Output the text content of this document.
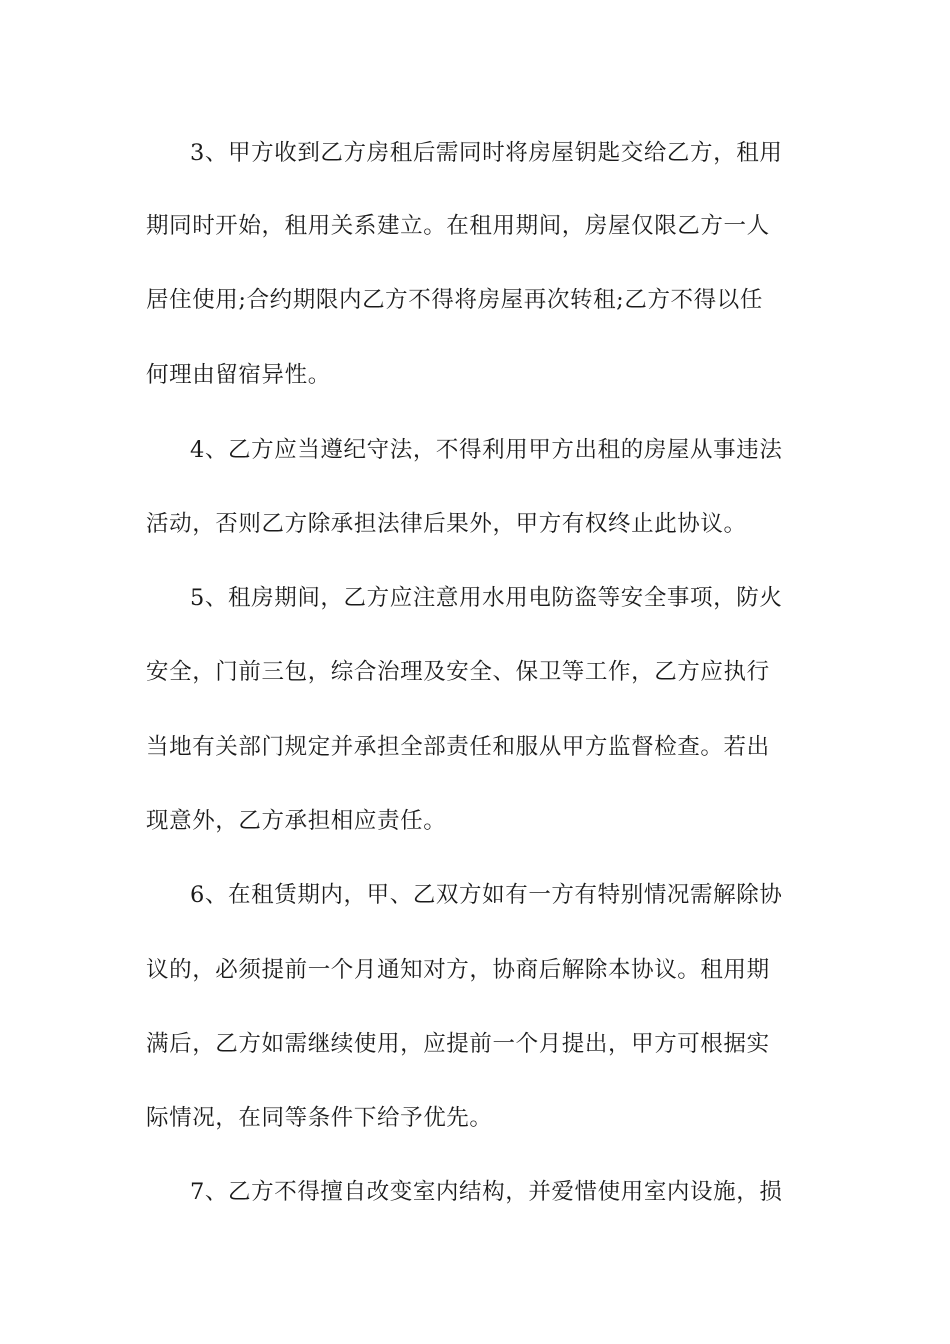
3、甲方收到乙方房租后需同时将房屋钥匙交给乙方，租用
期同时开始，租用关系建立。在租用期间，房屋仅限乙方一人
居住使用;合约期限内乙方不得将房屋再次转租;乙方不得以任
何理由留宿异性。
4、乙方应当遵纪守法，不得利用甲方出租的房屋从事违法
活动，否则乙方除承担法律后果外，甲方有权终止此协议。
5、租房期间，乙方应注意用水用电防盗等安全事项，防火
安全，门前三包，综合治理及安全、保卫等工作，乙方应执行
当地有关部门规定并承担全部责任和服从甲方监督检查。若出
现意外，乙方承担相应责任。
6、在租赁期内，甲、乙双方如有一方有特别情况需解除协
议的，必须提前一个月通知对方，协商后解除本协议。租用期
满后，乙方如需继续使用，应提前一个月提出，甲方可根据实
际情况，在同等条件下给予优先。
7、乙方不得擅自改变室内结构，并爱惜使用室内设施，损
